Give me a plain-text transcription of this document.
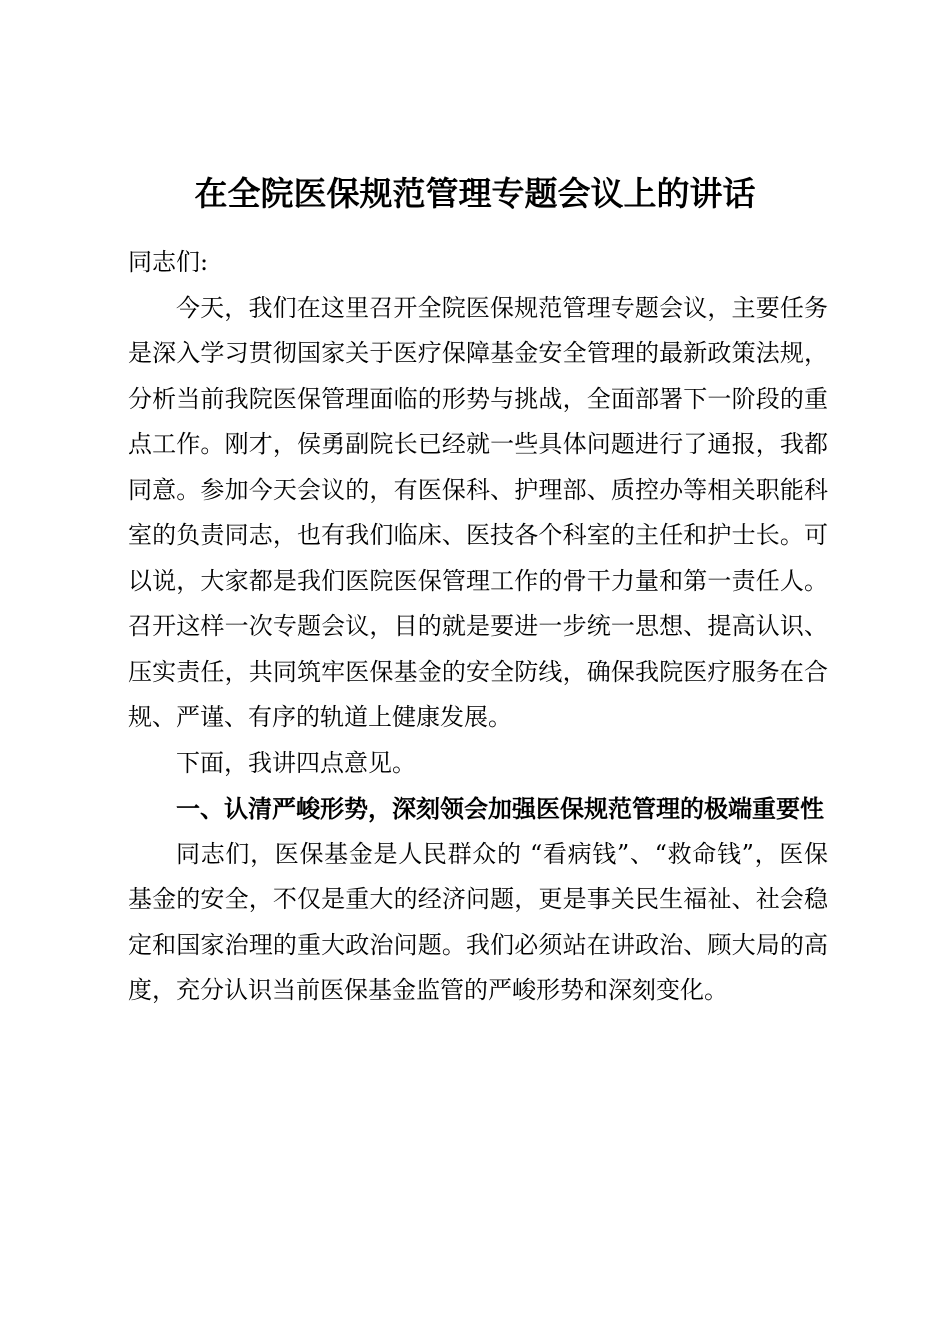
在全院医保规范管理专题会议上的讲话

同志们:

今天，我们在这里召开全院医保规范管理专题会议，主要任务是深入学习贯彻国家关于医疗保障基金安全管理的最新政策法规，分析当前我院医保管理面临的形势与挑战，全面部署下一阶段的重点工作。刚才，侯勇副院长已经就一些具体问题进行了通报，我都同意。参加今天会议的，有医保科、护理部、质控办等相关职能科室的负责同志，也有我们临床、医技各个科室的主任和护士长。可以说，大家都是我们医院医保管理工作的骨干力量和第一责任人。召开这样一次专题会议，目的就是要进一步统一思想、提高认识、压实责任，共同筑牢医保基金的安全防线，确保我院医疗服务在合规、严谨、有序的轨道上健康发展。

下面，我讲四点意见。

一、认清严峻形势，深刻领会加强医保规范管理的极端重要性

同志们，医保基金是人民群众的 “看病钱”、“救命钱”，医保基金的安全，不仅是重大的经济问题，更是事关民生福祉、社会稳定和国家治理的重大政治问题。我们必须站在讲政治、顾大局的高度，充分认识当前医保基金监管的严峻形势和深刻变化。
